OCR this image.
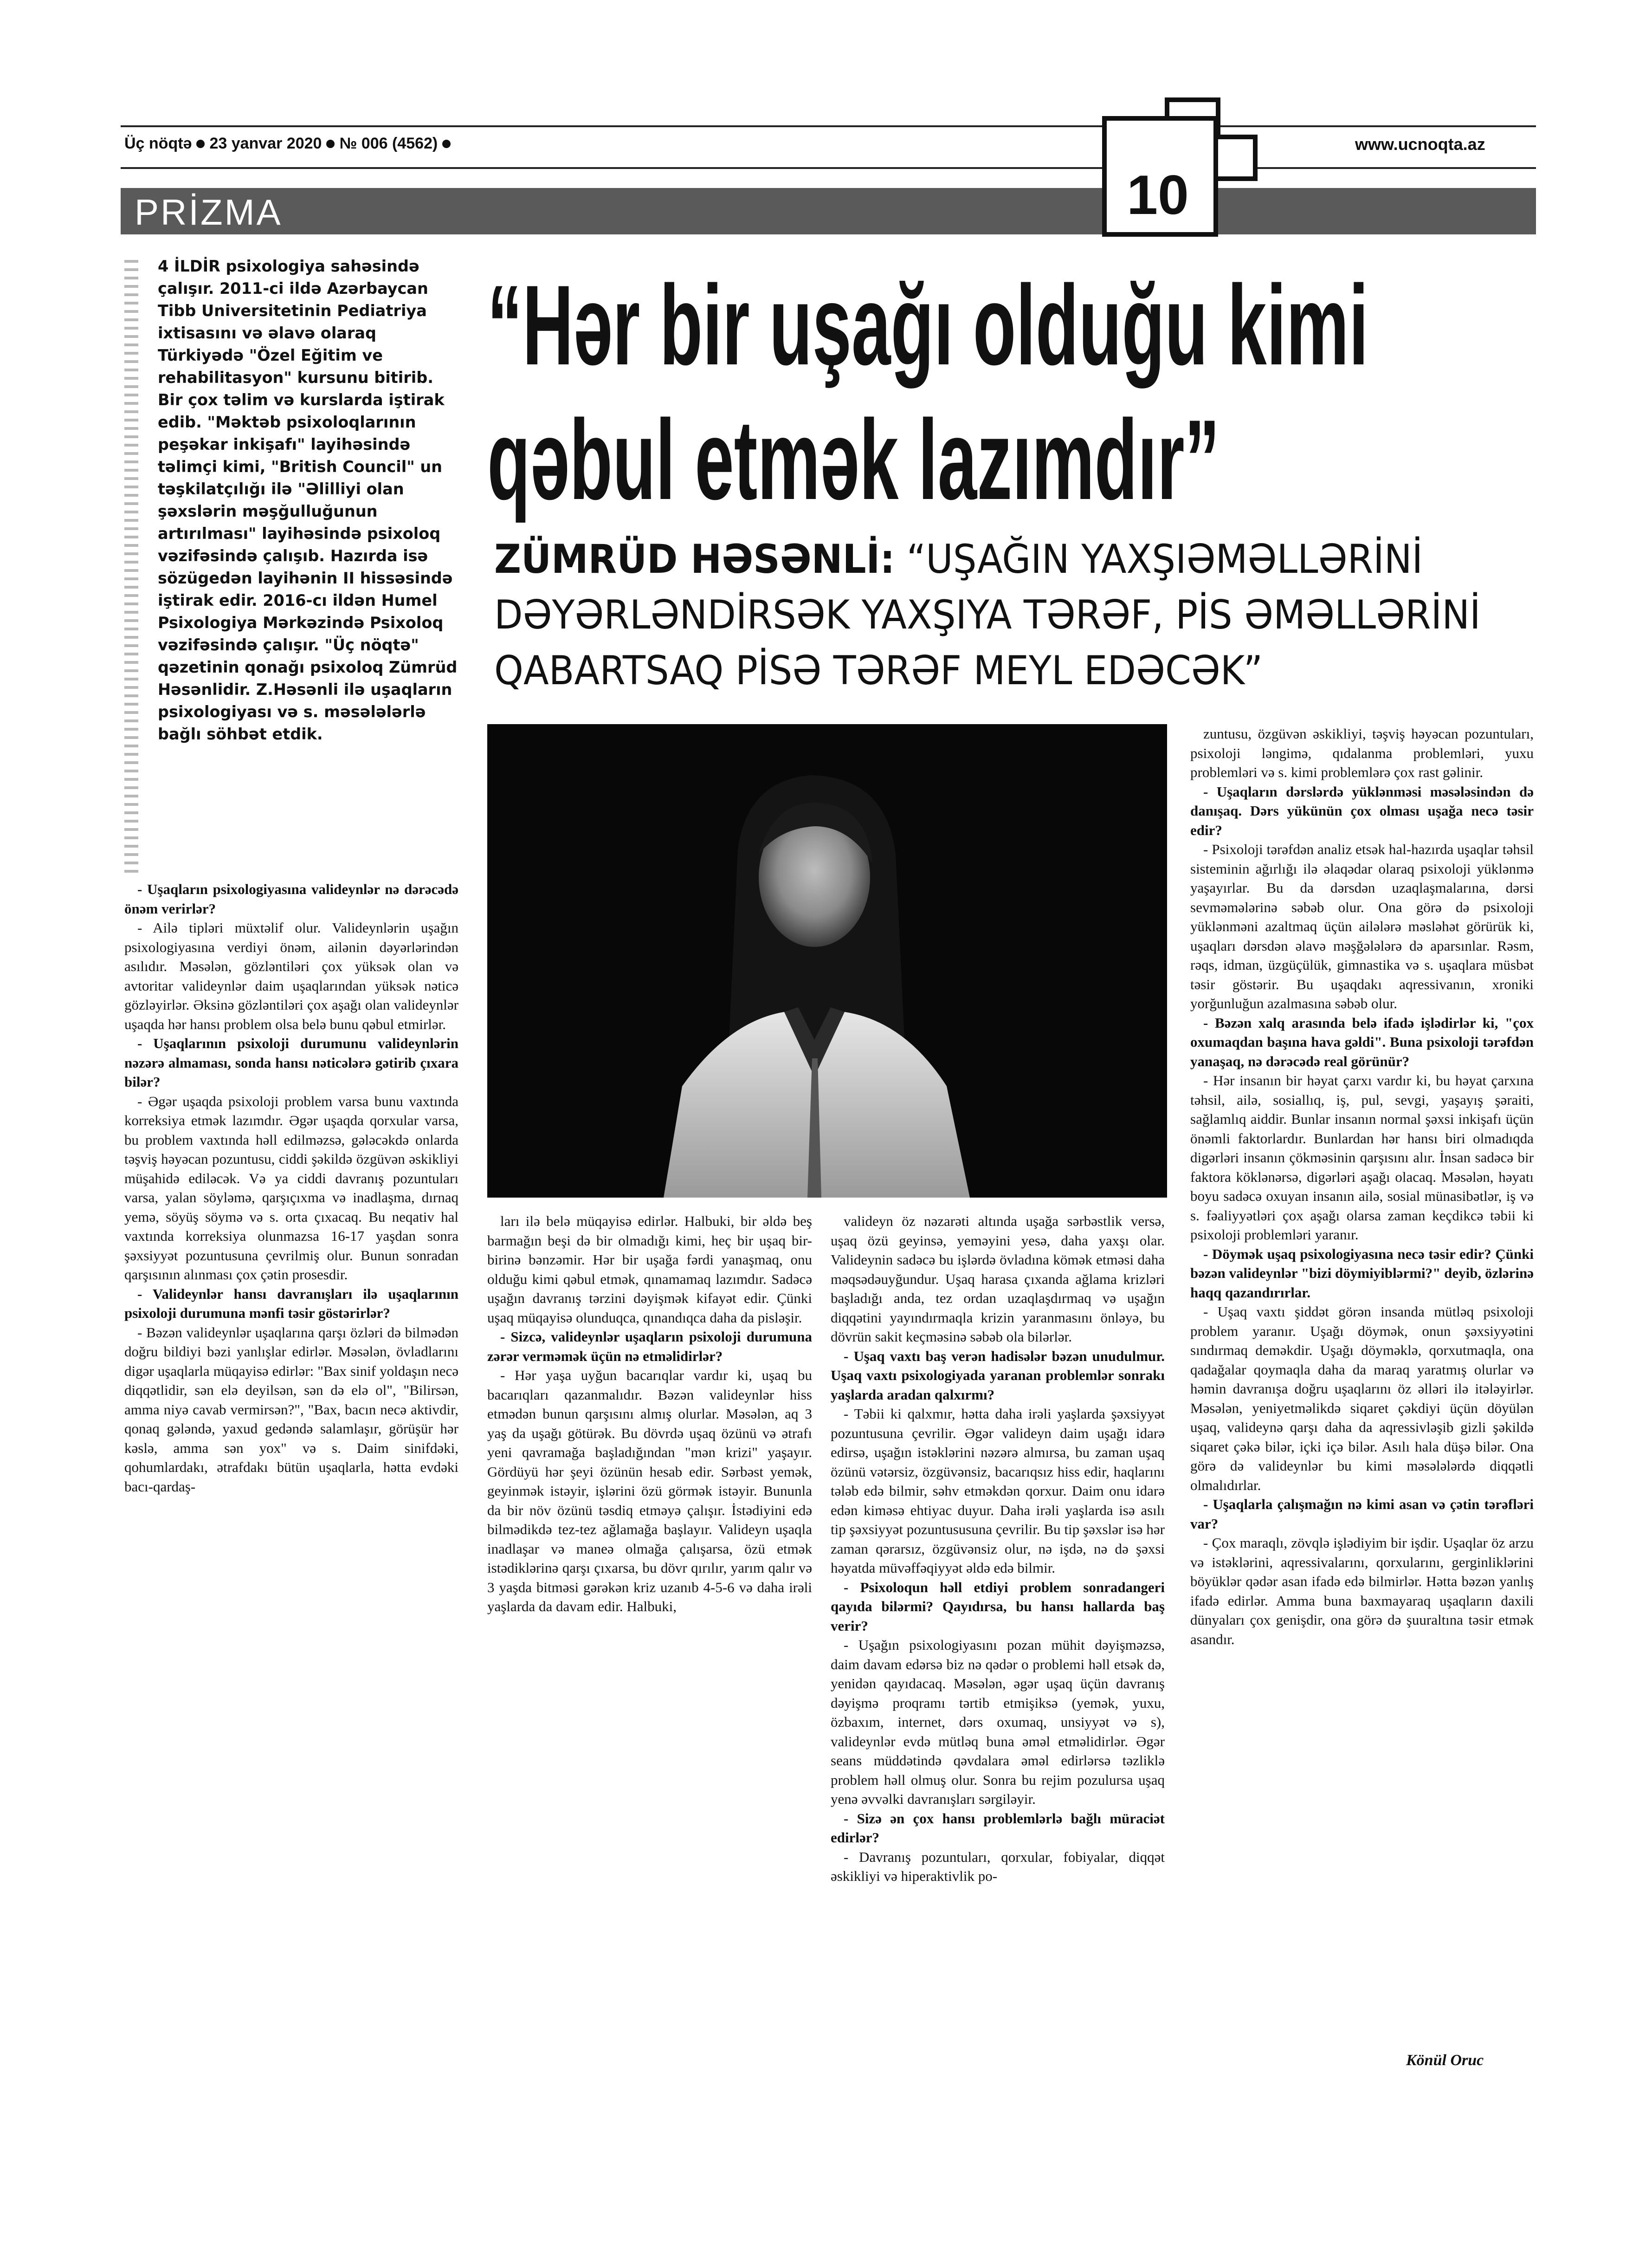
Üç nöqtə 23 yanvar 2020 № 006 (4562)	www.ucnoqta.az
PRİZMA	10
4 İLDİR psixologiya sahəsində çalışır. 2011-ci ildə Azərbaycan Tibb Universitetinin Pediatriya ixtisasını və əlavə olaraq Türkiyədə "Özel Eğitim ve rehabilitasyon" kursunu bitirib. Bir çox təlim və kurslarda iştirak edib. "Məktəb psixoloqlarının peşəkar inkişafı" layihəsində təlimçi kimi, "British Council" un təşkilatçılığı ilə "Əlilliyi olan şəxslərin məşğulluğunun artırılması" layihəsində psixoloq vəzifəsində çalışıb. Hazırda isə sözügedən layihənin II hissəsində iştirak edir. 2016-cı ildən Humel Psixologiya Mərkəzində Psixoloq vəzifəsində çalışır. "Üç nöqtə" qəzetinin qonağı psixoloq Zümrüd Həsənlidir. Z.Həsənli ilə uşaqların psixologiyası və s. məsələlərlə bağlı söhbət etdik.
“Hər bir uşağı olduğu kimi
qəbul etmək lazımdır”
ZÜMRÜD HƏSƏNLİ: “UŞAĞIN YAXŞIƏMƏLLƏRİNİ
DƏYƏRLƏNDİRSƏK YAXŞIYA TƏRƏF, PİS ƏMƏLLƏRİNİ
QABARTSAQ PİSƏ TƏRƏF MEYL EDƏCƏK”

- Uşaqların psixologiyasına valideynlər nə dərəcədə önəm verirlər?

- Ailə tipləri müxtəlif olur. Valideynlərin uşağın psixologiyasına verdiyi önəm, ailənin dəyərlərindən asılıdır. Məsələn, gözləntiləri çox yüksək olan və avtoritar valideynlər daim uşaqlarından yüksək nəticə gözləyirlər. Əksinə gözləntiləri çox aşağı olan valideynlər uşaqda hər hansı problem olsa belə bunu qəbul etmirlər.

- Uşaqlarının psixoloji durumunu valideynlərin nəzərə almaması, sonda hansı nəticələrə gətirib çıxara bilər?

- Əgər uşaqda psixoloji problem varsa bunu vaxtında korreksiya etmək lazımdır. Əgər uşaqda qorxular varsa, bu problem vaxtında həll edilməzsə, gələcəkdə onlarda təşviş həyəcan pozuntusu, ciddi şəkildə özgüvən əskikliyi müşahidə ediləcək. Və ya ciddi davranış pozuntuları varsa, yalan söyləmə, qarşıçıxma və inadlaşma, dırnaq yemə, söyüş söymə və s. orta çıxacaq. Bu neqativ hal vaxtında korreksiya olunmazsa 16-17 yaşdan sonra şəxsiyyət pozuntusuna çevrilmiş olur. Bunun sonradan qarşısının alınması çox çətin prosesdir.

- Valideynlər hansı davranışları ilə uşaqlarının psixoloji durumuna mənfi təsir göstərirlər?

- Bəzən valideynlər uşaqlarına qarşı özləri də bilmədən doğru bildiyi bəzi yanlışlar edirlər. Məsələn, övladlarını digər uşaqlarla müqayisə edirlər: "Bax sinif yoldaşın necə diqqətlidir, sən elə deyilsən, sən də elə ol", "Bilirsən, amma niyə cavab vermirsən?", "Bax, bacın necə aktivdir, qonaq gələndə, yaxud gedəndə salamlaşır, görüşür hər kəslə, amma sən yox" və s. Daim sinifdəki, qohumlardakı, ətrafdakı bütün uşaqlarla, hətta evdəki bacı-qardaş-

ları ilə belə müqayisə edirlər. Halbuki, bir əldə beş barmağın beşi də bir olmadığı kimi, heç bir uşaq bir-birinə bənzəmir. Hər bir uşağa fərdi yanaşmaq, onu olduğu kimi qəbul etmək, qınamamaq lazımdır. Sadəcə uşağın davranış tərzini dəyişmək kifayət edir. Çünki uşaq müqayisə olunduqca, qınandıqca daha da pisləşir.

- Sizcə, valideynlər uşaqların psixoloji durumuna zərər verməmək üçün nə etməlidirlər?

- Hər yaşa uyğun bacarıqlar vardır ki, uşaq bu bacarıqları qazanmalıdır. Bəzən valideynlər hiss etmədən bunun qarşısını almış olurlar. Məsələn, aq 3 yaş da uşağı götürək. Bu dövrdə uşaq özünü və ətrafı yeni qavramağa başladığından "mən krizi" yaşayır. Gördüyü hər şeyi özünün hesab edir. Sərbəst yemək, geyinmək istəyir, işlərini özü görmək istəyir. Bununla da bir növ özünü təsdiq etməyə çalışır. İstədiyini edə bilmədikdə tez-tez ağlamağa başlayır. Valideyn uşaqla inadlaşar və maneə olmağa çalışarsa, özü etmək istədiklərinə qarşı çıxarsa, bu dövr qırılır, yarım qalır və 3 yaşda bitməsi gərəkən kriz uzanıb 4-5-6 və daha irəli yaşlarda da davam edir. Halbuki,

valideyn öz nəzarəti altında uşağa sərbəstlik versə, uşaq özü geyinsə, yeməyini yesə, daha yaxşı olar. Valideynin sadəcə bu işlərdə övladına kömək etməsi daha məqsədəuyğundur. Uşaq harasa çıxanda ağlama krizləri başladığı anda, tez ordan uzaqlaşdırmaq və uşağın diqqətini yayındırmaqla krizin yaranmasını önləyə, bu dövrün sakit keçməsinə səbəb ola bilərlər.

- Uşaq vaxtı baş verən hadisələr bəzən unudulmur. Uşaq vaxtı psixologiyada yaranan problemlər sonrakı yaşlarda aradan qalxırmı?

- Təbii ki qalxmır, hətta daha irəli yaşlarda şəxsiyyət pozuntusuna çevrilir. Əgər valideyn daim uşağı idarə edirsə, uşağın istəklərini nəzərə almırsa, bu zaman uşaq özünü vətərsiz, özgüvənsiz, bacarıqsız hiss edir, haqlarını tələb edə bilmir, səhv etməkdən qorxur. Daim onu idarə edən kiməsə ehtiyac duyur. Daha irəli yaşlarda isə asılı tip şəxsiyyət pozuntususuna çevrilir. Bu tip şəxslər isə hər zaman qərarsız, özgüvənsiz olur, nə işdə, nə də şəxsi həyatda müvəffəqiyyət əldə edə bilmir.

- Psixoloqun həll etdiyi problem sonradangeri qayıda bilərmi? Qayıdırsa, bu hansı hallarda baş verir?

- Uşağın psixologiyasını pozan mühit dəyişməzsə, daim davam edərsə biz nə qədər o problemi həll etsək də, yenidən qayıdacaq. Məsələn, əgər uşaq üçün davranış dəyişmə proqramı tərtib etmişiksə (yemək, yuxu, özbaxım, internet, dərs oxumaq, unsiyyət və s), valideynlər evdə mütləq buna əməl etməlidirlər. Əgər seans müddətində qəvdalara əməl edirlərsə təzliklə problem həll olmuş olur. Sonra bu rejim pozulursa uşaq yenə əvvəlki davranışları sərgiləyir.

- Sizə ən çox hansı problemlərlə bağlı müraciət edirlər?

- Davranış pozuntuları, qorxular, fobiyalar, diqqət əskikliyi və hiperaktivlik po-

zuntusu, özgüvən əskikliyi, təşviş həyəcan pozuntuları, psixoloji ləngimə, qıdalanma problemləri, yuxu problemləri və s. kimi problemlərə çox rast gəlinir.

- Uşaqların dərslərdə yüklənməsi məsələsindən də danışaq. Dərs yükünün çox olması uşağa necə təsir edir?

- Psixoloji tərəfdən analiz etsək hal-hazırda uşaqlar təhsil sisteminin ağırlığı ilə əlaqədar olaraq psixoloji yüklənmə yaşayırlar. Bu da dərsdən uzaqlaşmalarına, dərsi sevməmələrinə səbəb olur. Ona görə də psixoloji yüklənməni azaltmaq üçün ailələrə məsləhət görürük ki, uşaqları dərsdən əlavə məşğələlərə də aparsınlar. Rəsm, rəqs, idman, üzgüçülük, gimnastika və s. uşaqlara müsbət təsir göstərir. Bu uşaqdakı aqressivanın, xroniki yorğunluğun azalmasına səbəb olur.

- Bəzən xalq arasında belə ifadə işlədirlər ki, "çox oxumaqdan başına hava gəldi". Buna psixoloji tərəfdən yanaşaq, nə dərəcədə real görünür?

- Hər insanın bir həyat çarxı vardır ki, bu həyat çarxına təhsil, ailə, sosiallıq, iş, pul, sevgi, yaşayış şəraiti, sağlamlıq aiddir. Bunlar insanın normal şəxsi inkişafı üçün önəmli faktorlardır. Bunlardan hər hansı biri olmadıqda digərləri insanın çökməsinin qarşısını alır. İnsan sadəcə bir faktora köklənərsə, digərləri aşağı olacaq. Məsələn, həyatı boyu sadəcə oxuyan insanın ailə, sosial münasibətlər, iş və s. fəaliyyətləri çox aşağı olarsa zaman keçdikcə təbii ki psixoloji problemləri yaranır.

- Döymək uşaq psixologiyasına necə təsir edir? Çünki bəzən valideynlər "bizi döymiyiblərmi?" deyib, özlərinə haqq qazandırırlar.

- Uşaq vaxtı şiddət görən insanda mütləq psixoloji problem yaranır. Uşağı döymək, onun şəxsiyyətini sındırmaq deməkdir. Uşağı döyməklə, qorxutmaqla, ona qadağalar qoymaqla daha da maraq yaratmış olurlar və həmin davranışa doğru uşaqlarını öz əlləri ilə itələyirlər. Məsələn, yeniyetməlikdə siqaret çəkdiyi üçün döyülən uşaq, valideynə qarşı daha da aqressivləşib gizli şəkildə siqaret çəkə bilər, içki içə bilər. Asılı hala düşə bilər. Ona görə də valideynlər bu kimi məsələlərdə diqqətli olmalıdırlar.

- Uşaqlarla çalışmağın nə kimi asan və çətin tərəfləri var?

- Çox maraqlı, zövqlə işlədiyim bir işdir. Uşaqlar öz arzu və istəklərini, aqressivalarını, qorxularını, gerginliklərini böyüklər qədər asan ifadə edə bilmirlər. Hətta bəzən yanlış ifadə edirlər. Amma buna baxmayaraq uşaqların daxili dünyaları çox genişdir, ona görə də şuuraltına təsir etmək asandır.

Könül Oruc
